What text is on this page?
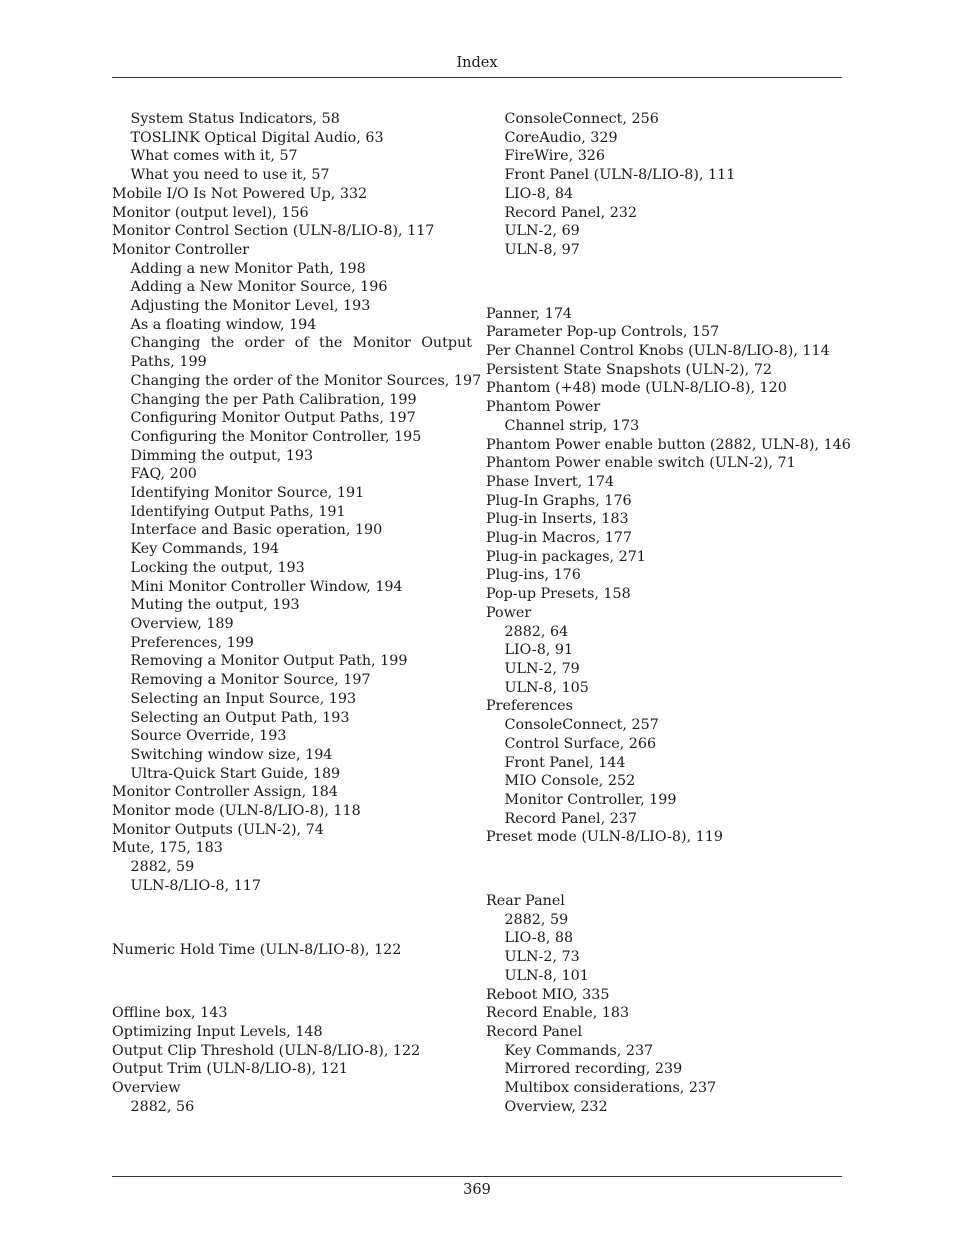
Index
System Status Indicators, 58
TOSLINK Optical Digital Audio, 63
What comes with it, 57
What you need to use it, 57
Mobile I/O Is Not Powered Up, 332
Monitor (output level), 156
Monitor Control Section (ULN-8/LIO-8), 117
Monitor Controller
Adding a new Monitor Path, 198
Adding a New Monitor Source, 196
Adjusting the Monitor Level, 193
As a floating window, 194
Changing the order of the Monitor Output Paths, 199
Changing the order of the Monitor Sources, 197
Changing the per Path Calibration, 199
Configuring Monitor Output Paths, 197
Configuring the Monitor Controller, 195
Dimming the output, 193
FAQ, 200
Identifying Monitor Source, 191
Identifying Output Paths, 191
Interface and Basic operation, 190
Key Commands, 194
Locking the output, 193
Mini Monitor Controller Window, 194
Muting the output, 193
Overview, 189
Preferences, 199
Removing a Monitor Output Path, 199
Removing a Monitor Source, 197
Selecting an Input Source, 193
Selecting an Output Path, 193
Source Override, 193
Switching window size, 194
Ultra-Quick Start Guide, 189
Monitor Controller Assign, 184
Monitor mode (ULN-8/LIO-8), 118
Monitor Outputs (ULN-2), 74
Mute, 175, 183
2882, 59
ULN-8/LIO-8, 117
Numeric Hold Time (ULN-8/LIO-8), 122
Offline box, 143
Optimizing Input Levels, 148
Output Clip Threshold (ULN-8/LIO-8), 122
Output Trim (ULN-8/LIO-8), 121
Overview
2882, 56
ConsoleConnect, 256
CoreAudio, 329
FireWire, 326
Front Panel (ULN-8/LIO-8), 111
LIO-8, 84
Record Panel, 232
ULN-2, 69
ULN-8, 97
Panner, 174
Parameter Pop-up Controls, 157
Per Channel Control Knobs (ULN-8/LIO-8), 114
Persistent State Snapshots (ULN-2), 72
Phantom (+48) mode (ULN-8/LIO-8), 120
Phantom Power
Channel strip, 173
Phantom Power enable button (2882, ULN-8), 146
Phantom Power enable switch (ULN-2), 71
Phase Invert, 174
Plug-In Graphs, 176
Plug-in Inserts, 183
Plug-in Macros, 177
Plug-in packages, 271
Plug-ins, 176
Pop-up Presets, 158
Power
2882, 64
LIO-8, 91
ULN-2, 79
ULN-8, 105
Preferences
ConsoleConnect, 257
Control Surface, 266
Front Panel, 144
MIO Console, 252
Monitor Controller, 199
Record Panel, 237
Preset mode (ULN-8/LIO-8), 119
Rear Panel
2882, 59
LIO-8, 88
ULN-2, 73
ULN-8, 101
Reboot MIO, 335
Record Enable, 183
Record Panel
Key Commands, 237
Mirrored recording, 239
Multibox considerations, 237
Overview, 232
369
